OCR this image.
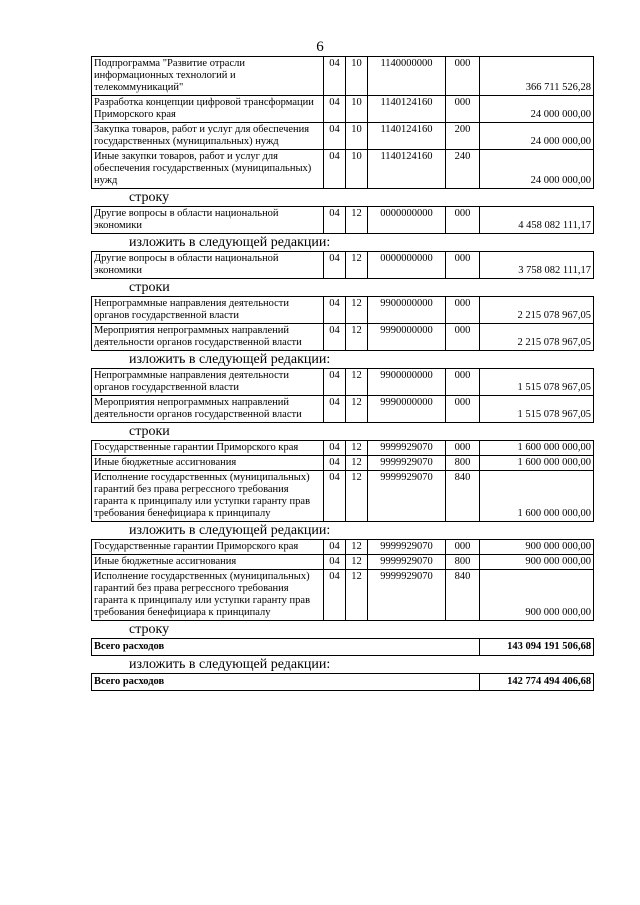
6
Подпрограмма "Развитие отрасли информационных технологий и телекоммуникаций"	04	10	1140000000	000	366 711 526,28
Разработка концепции цифровой трансформации Приморского края	04	10	1140124160	000	24 000 000,00
Закупка товаров, работ и услуг для обеспечения государственных (муниципальных) нужд	04	10	1140124160	200	24 000 000,00
Иные закупки товаров, работ и услуг для обеспечения государственных (муниципальных) нужд	04	10	1140124160	240	24 000 000,00
строку
Другие вопросы в области национальной экономики	04	12	0000000000	000	4 458 082 111,17
изложить в следующей редакции:
Другие вопросы в области национальной экономики	04	12	0000000000	000	3 758 082 111,17
строки
Непрограммные направления деятельности органов государственной власти	04	12	9900000000	000	2 215 078 967,05
Мероприятия непрограммных направлений деятельности органов государственной власти	04	12	9990000000	000	2 215 078 967,05
изложить в следующей редакции:
Непрограммные направления деятельности органов государственной власти	04	12	9900000000	000	1 515 078 967,05
Мероприятия непрограммных направлений деятельности органов государственной власти	04	12	9990000000	000	1 515 078 967,05
строки
Государственные гарантии Приморского края	04	12	9999929070	000	1 600 000 000,00
Иные бюджетные ассигнования	04	12	9999929070	800	1 600 000 000,00
Исполнение государственных (муниципальных) гарантий без права регрессного требования гаранта к принципалу или уступки гаранту прав требования бенефициара к принципалу	04	12	9999929070	840	1 600 000 000,00
изложить в следующей редакции:
Государственные гарантии Приморского края	04	12	9999929070	000	900 000 000,00
Иные бюджетные ассигнования	04	12	9999929070	800	900 000 000,00
Исполнение государственных (муниципальных) гарантий без права регрессного требования гаранта к принципалу или уступки гаранту прав требования бенефициара к принципалу	04	12	9999929070	840	900 000 000,00
строку
Всего расходов	143 094 191 506,68
изложить в следующей редакции:
Всего расходов	142 774 494 406,68
